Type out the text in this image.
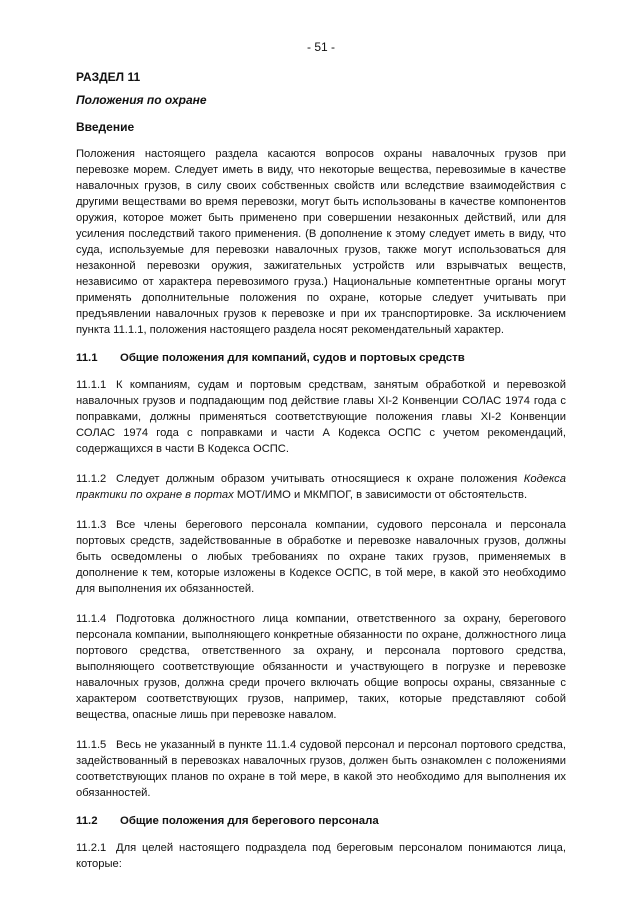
- 51 -
РАЗДЕЛ 11
Положения по охране
Введение

Положения настоящего раздела касаются вопросов охраны навалочных грузов при перевозке морем. Следует иметь в виду, что некоторые вещества, перевозимые в качестве навалочных грузов, в силу своих собственных свойств или вследствие взаимодействия с другими веществами во время перевозки, могут быть использованы в качестве компонентов оружия, которое может быть применено при совершении незаконных действий, или для усиления последствий такого применения. (В дополнение к этому следует иметь в виду, что суда, используемые для перевозки навалочных грузов, также могут использоваться для незаконной перевозки оружия, зажигательных устройств или взрывчатых веществ, независимо от характера перевозимого груза.) Национальные компетентные органы могут применять дополнительные положения по охране, которые следует учитывать при предъявлении навалочных грузов к перевозке и при их транспортировке. За исключением пункта 11.1.1, положения настоящего раздела носят рекомендательный характер.

11.1	Общие положения для компаний, судов и портовых средств

11.1.1 К компаниям, судам и портовым средствам, занятым обработкой и перевозкой навалочных грузов и подпадающим под действие главы XI-2 Конвенции СОЛАС 1974 года с поправками, должны применяться соответствующие положения главы XI-2 Конвенции СОЛАС 1974 года с поправками и части А Кодекса ОСПС с учетом рекомендаций, содержащихся в части В Кодекса ОСПС.

11.1.2 Следует должным образом учитывать относящиеся к охране положения Кодекса практики по охране в портах МОТ/ИМО и МКМПОГ, в зависимости от обстоятельств.

11.1.3 Все члены берегового персонала компании, судового персонала и персонала портовых средств, задействованные в обработке и перевозке навалочных грузов, должны быть осведомлены о любых требованиях по охране таких грузов, применяемых в дополнение к тем, которые изложены в Кодексе ОСПС, в той мере, в какой это необходимо для выполнения их обязанностей.

11.1.4 Подготовка должностного лица компании, ответственного за охрану, берегового персонала компании, выполняющего конкретные обязанности по охране, должностного лица портового средства, ответственного за охрану, и персонала портового средства, выполняющего соответствующие обязанности и участвующего в погрузке и перевозке навалочных грузов, должна среди прочего включать общие вопросы охраны, связанные с характером соответствующих грузов, например, таких, которые представляют собой вещества, опасные лишь при перевозке навалом.

11.1.5 Весь не указанный в пункте 11.1.4 судовой персонал и персонал портового средства, задействованный в перевозках навалочных грузов, должен быть ознакомлен с положениями соответствующих планов по охране в той мере, в какой это необходимо для выполнения их обязанностей.

11.2	Общие положения для берегового персонала

11.2.1 Для целей настоящего подраздела под береговым персоналом понимаются лица, которые:
